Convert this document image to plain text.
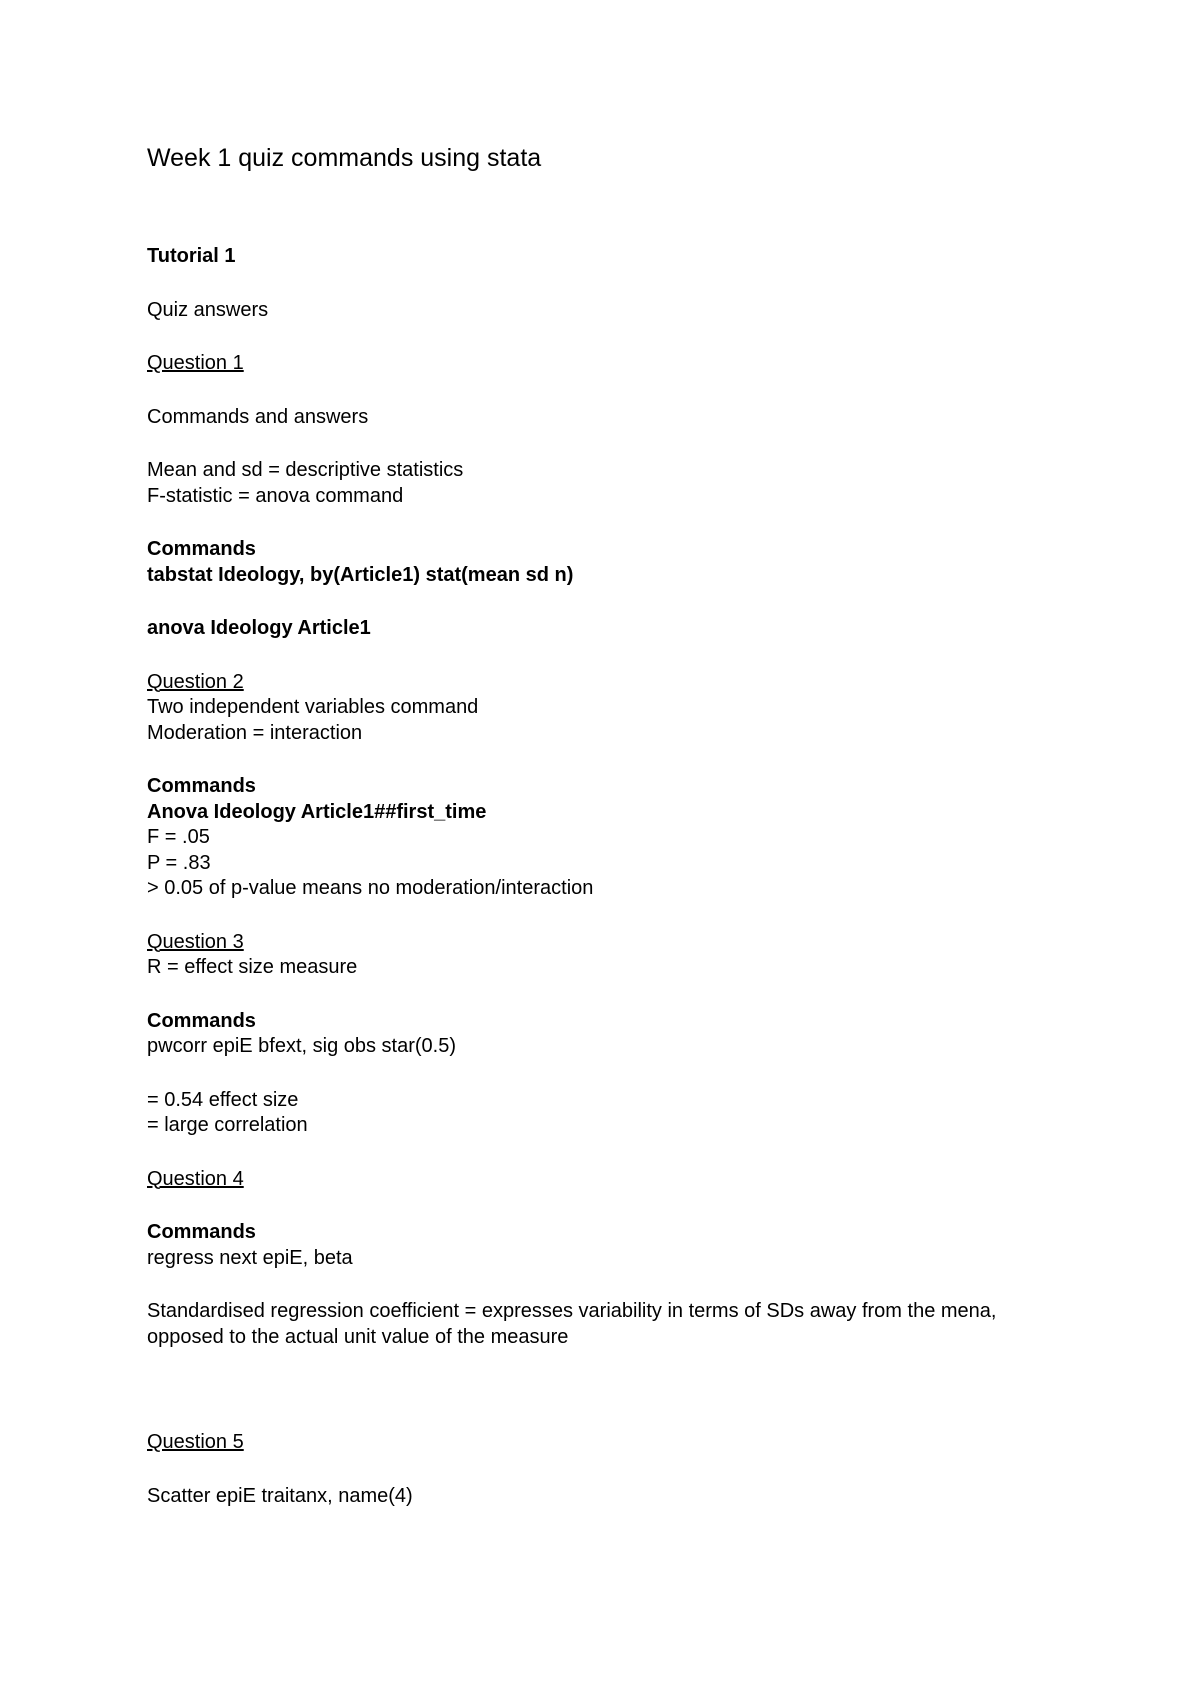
Week 1 quiz commands using stata

Tutorial 1

Quiz answers

Question 1

Commands and answers

Mean and sd = descriptive statistics

F-statistic = anova command

Commands

tabstat Ideology, by(Article1) stat(mean sd n)

anova Ideology Article1

Question 2

Two independent variables command

Moderation = interaction

Commands

Anova Ideology Article1##first_time

F = .05

P = .83

> 0.05 of p-value means no moderation/interaction

Question 3

R = effect size measure

Commands

pwcorr epiE bfext, sig obs star(0.5)

= 0.54 effect size

= large correlation

Question 4

Commands

regress next epiE, beta

Standardised regression coefficient = expresses variability in terms of SDs away from the mena, opposed to the actual unit value of the measure

Question 5

Scatter epiE traitanx, name(4)
